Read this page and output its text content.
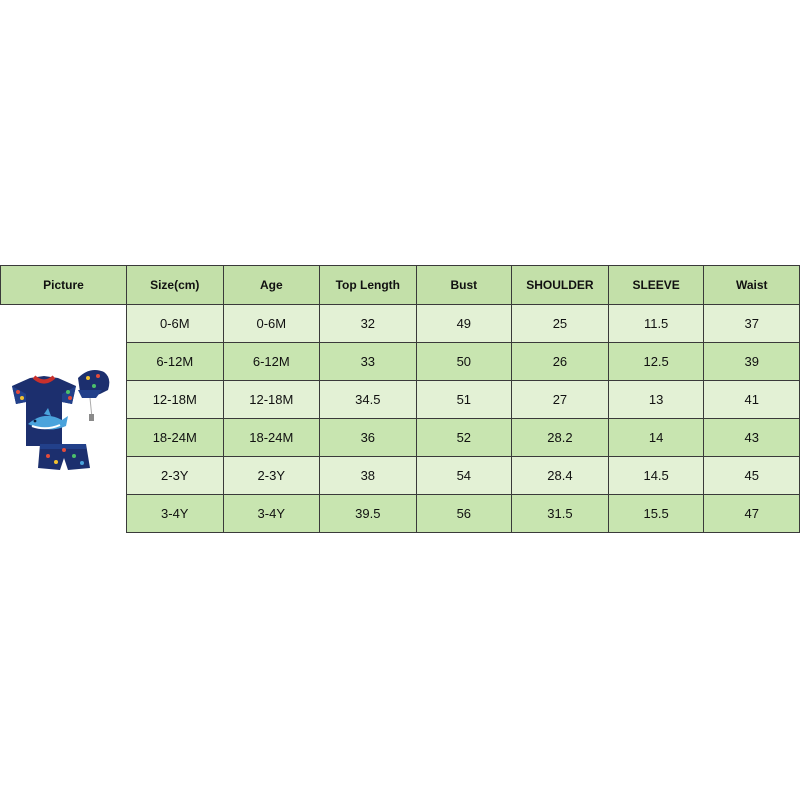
Picture	Size(cm)	Age	Top Length	Bust	SHOULDER	SLEEVE	Waist

	0-6M	0-6M	32	49	25	11.5	37
	6-12M	6-12M	33	50	26	12.5	39
	12-18M	12-18M	34.5	51	27	13	41
	18-24M	18-24M	36	52	28.2	14	43
	2-3Y	2-3Y	38	54	28.4	14.5	45
	3-4Y	3-4Y	39.5	56	31.5	15.5	47
